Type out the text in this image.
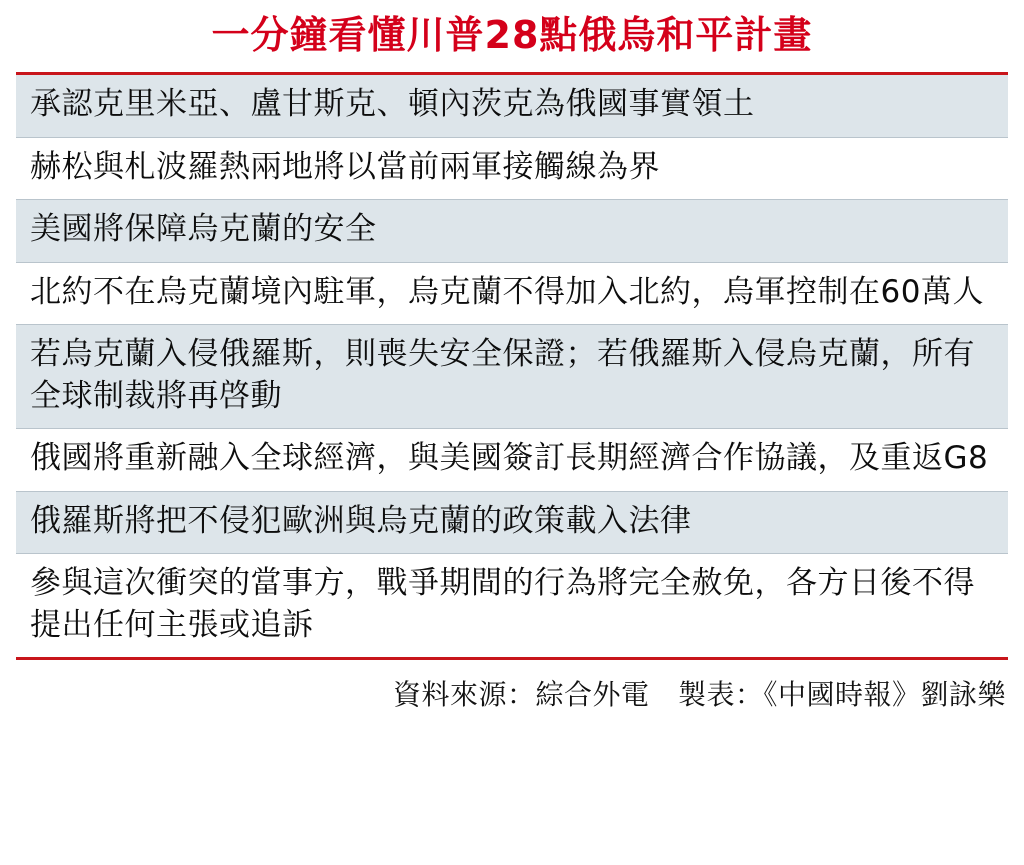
一分鐘看懂川普28點俄烏和平計畫
承認克里米亞、盧甘斯克、頓內茨克為俄國事實領土
赫松與札波羅熱兩地將以當前兩軍接觸線為界
美國將保障烏克蘭的安全
北約不在烏克蘭境內駐軍，烏克蘭不得加入北約，烏軍控制在60萬人
若烏克蘭入侵俄羅斯，則喪失安全保證；若俄羅斯入侵烏克蘭，所有全球制裁將再啓動
俄國將重新融入全球經濟，與美國簽訂長期經濟合作協議，及重返G8
俄羅斯將把不侵犯歐洲與烏克蘭的政策載入法律
參與這次衝突的當事方，戰爭期間的行為將完全赦免，各方日後不得提出任何主張或追訴
資料來源：綜合外電　製表：《中國時報》劉詠樂
